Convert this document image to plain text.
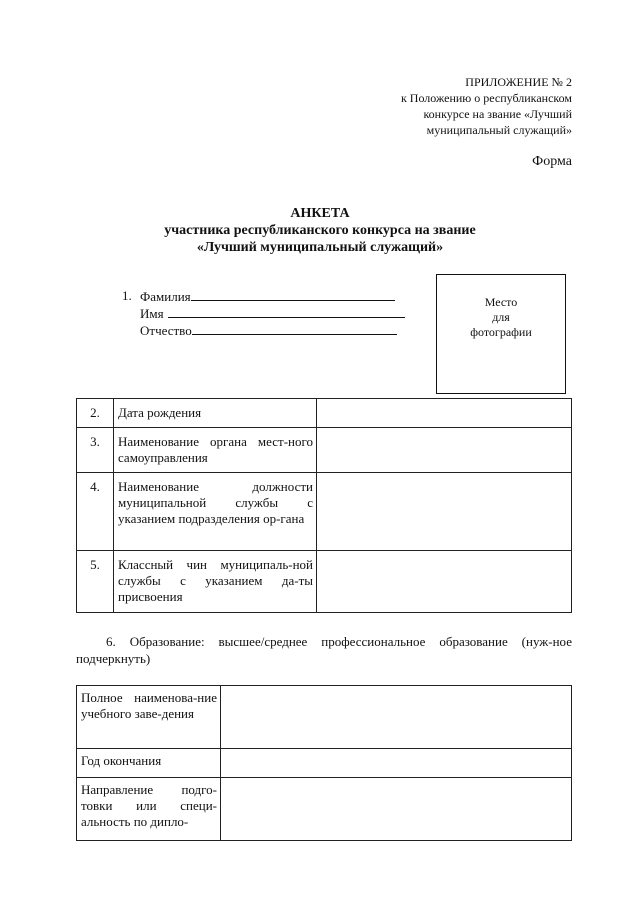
ПРИЛОЖЕНИЕ № 2
к Положению о республиканском
конкурсе на звание «Лучший
муниципальный служащий»
Форма
АНКЕТА
участника республиканского конкурса на звание
«Лучший муниципальный служащий»
1. Фамилия
Имя
Отчество
Место
для
фотографии
2.	Дата рождения	
3.	Наименование органа мест-ного самоуправления	
4.	Наименование должности муниципальной службы с указанием подразделения ор-гана	
5.	Классный чин муниципаль-ной службы с указанием да-ты присвоения	
6. Образование: высшее/среднее профессиональное образование (нуж-ное подчеркнуть)
Полное наименова-ние учебного заве-дения	
Год окончания	
Направление подго-товки или специ-альность по дипло-	
